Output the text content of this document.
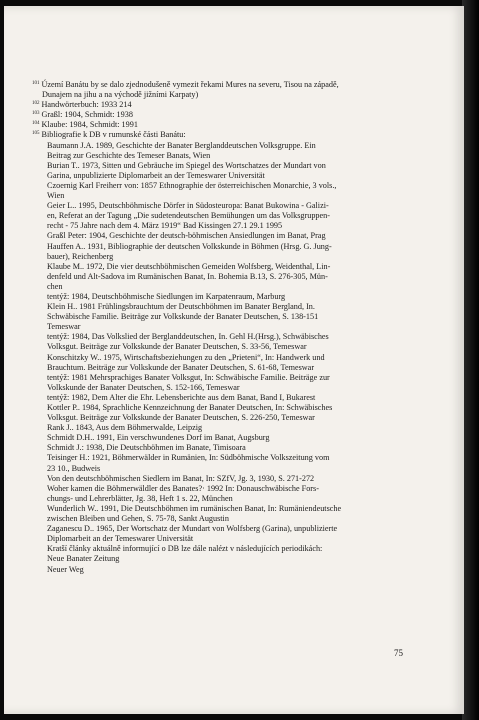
$^{101}$ Území Banátu by se dalo zjednodušeně vymezit řekami Mures na severu, Tisou na západě,
Dunajem na jihu a na východě jižními Karpaty)
$^{102}$ Handwörterbuch: 1933 214
$^{103}$ Graßl: 1904, Schmidt: 1938
$^{104}$ Klaube: 1984, Schmidt: 1991
$^{105}$ Bibliografie k DB v rumunské části Banátu:
Baumann J.A. 1989, Geschichte der Banater Berglanddeutschen Volksgruppe. Ein
Beitrag zur Geschichte des Temeser Banats, Wien
Burian T.. 1973, Sitten und Gebräuche im Spiegel des Wortschatzes der Mundart von
Garina, unpublizierte Diplomarbeit an der Temeswarer Universität
Czoernig Karl Freiherr von: 1857 Ethnographie der österreichischen Monarchie, 3 vols.,
Wien
Geier L.. 1995, Deutschböhmische Dörfer in Südosteuropa: Banat Bukowina - Galizi-
en, Referat an der Tagung „Die sudetendeutschen Bemühungen um das Volksgruppen-
recht - 75 Jahre nach dem 4. März 1919“ Bad Kissingen 27.1 29.1 1995
Graßl Peter: 1904, Geschichte der deutsch-böhmischen Ansiedlungen im Banat, Prag
Hauffen A.. 1931, Bibliographie der deutschen Volkskunde in Böhmen (Hrsg. G. Jung-
bauer), Reichenberg
Klaube M.. 1972, Die vier deutschböhmischen Gemeiden Wolfsberg, Weidenthal, Lin-
denfeld und Alt-Sadova im Rumänischen Banat, In. Bohemia B.13, S. 276-305, Mün-
chen
tentýž: 1984, Deutschböhmische Siedlungen im Karpatenraum, Marburg
Klein H.. 1981 Frühlingsbrauchtum der Deutschböhmen im Banater Bergland, In.
Schwäbische Familie. Beiträge zur Volkskunde der Banater Deutschen, S. 138-151
Temeswar
tentýž: 1984, Das Volkslied der Berglanddeutschen, In. Gehl H.(Hrsg.), Schwäbisches
Volksgut. Beiträge zur Volkskunde der Banater Deutschen, S. 33-56, Temeswar
Konschitzky W.. 1975, Wirtschaftsbeziehungen zu den „Prieteni“, In: Handwerk und
Brauchtum. Beiträge zur Volkskunde der Banater Deutschen, S. 61-68, Temeswar
tentýž: 1981 Mehrsprachiges Banater Volksgut, In: Schwäbische Familie. Beiträge zur
Volkskunde der Banater Deutschen, S. 152-166, Temeswar
tentýž: 1982, Dem Alter die Ehr. Lebensberichte aus dem Banat, Band I, Bukarest
Kottler P.. 1984, Sprachliche Kennzeichnung der Banater Deutschen, In: Schwäbisches
Volksgut. Beiträge zur Volkskunde der Banater Deutschen, S. 226-250, Temeswar
Rank J.. 1843, Aus dem Böhmerwalde, Leipzig
Schmidt D.H.. 1991, Ein verschwundenes Dorf im Banat, Augsburg
Schmidt J.: 1938, Die Deutschböhmen im Banate, Timisoara
Teisinger H.: 1921, Böhmerwälder in Rumänien, In: Südböhmische Volkszeitung vom
23 10., Budweis
Von den deutschböhmischen Siedlern im Banat, In: SZfV, Jg. 3, 1930, S. 271-272
Woher kamen die Böhmerwäldler des Banates?· 1992 In: Donauschwäbische Fors-
chungs- und Lehrerblätter, Jg. 38, Heft 1 s. 22, München
Wunderlich W.. 1991, Die Deutschböhmen im rumänischen Banat, In: Rumäniendeutsche
zwischen Bleiben und Gehen, S. 75-78, Sankt Augustin
Zaganescu D.. 1965, Der Wortschatz der Mundart von Wolfsberg (Garina), unpublizierte
Diplomarbeit an der Temeswarer Universität
Kratší články aktuálně informující o DB lze dále nalézt v následujících periodikách:
Neue Banater Zeitung
Neuer Weg
75
